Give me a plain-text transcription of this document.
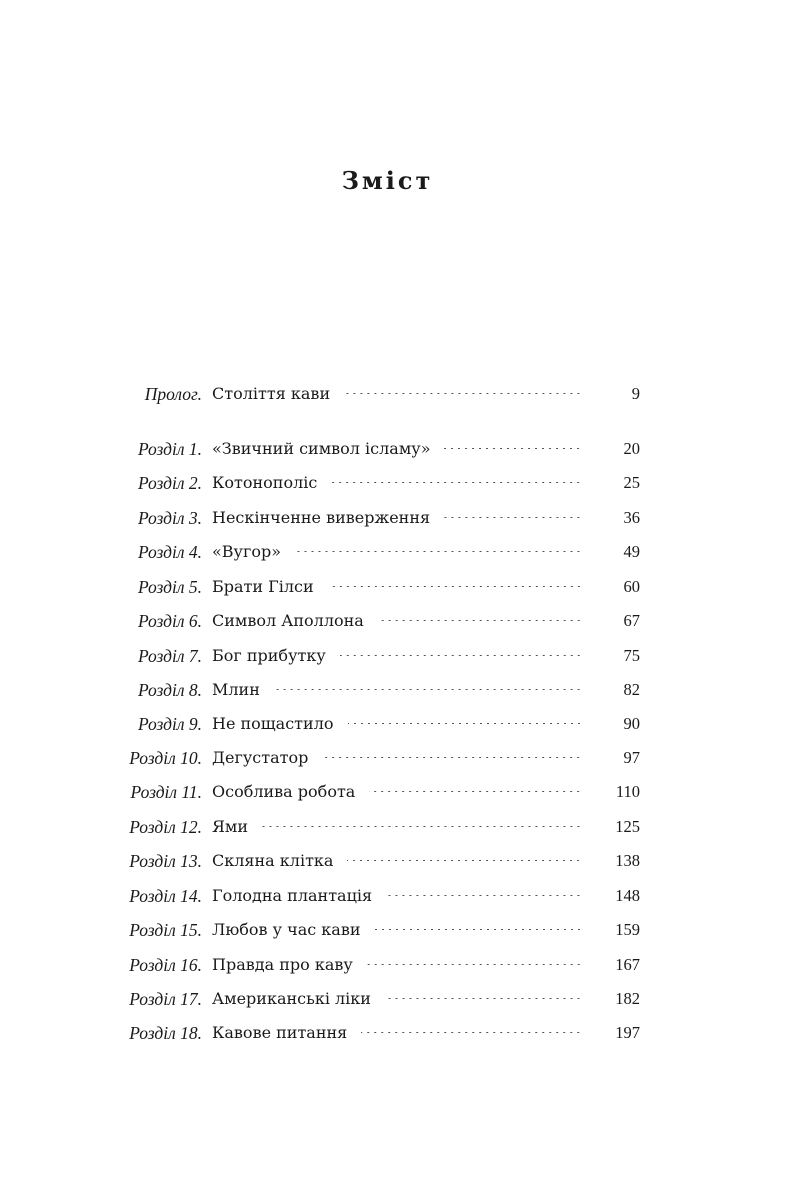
Зміст
Пролог. Століття кави	9
Розділ 1. «Звичний символ ісламу»	20
Розділ 2. Котонополіс	25
Розділ 3. Нескінченне виверження	36
Розділ 4. «Вугор»	49
Розділ 5. Брати Гілси	60
Розділ 6. Символ Аполлона	67
Розділ 7. Бог прибутку	75
Розділ 8. Млин	82
Розділ 9. Не пощастило	90
Розділ 10. Дегустатор	97
Розділ 11. Особлива робота	110
Розділ 12. Ями	125
Розділ 13. Скляна клітка	138
Розділ 14. Голодна плантація	148
Розділ 15. Любов у час кави	159
Розділ 16. Правда про каву	167
Розділ 17. Американські ліки	182
Розділ 18. Кавове питання	197
